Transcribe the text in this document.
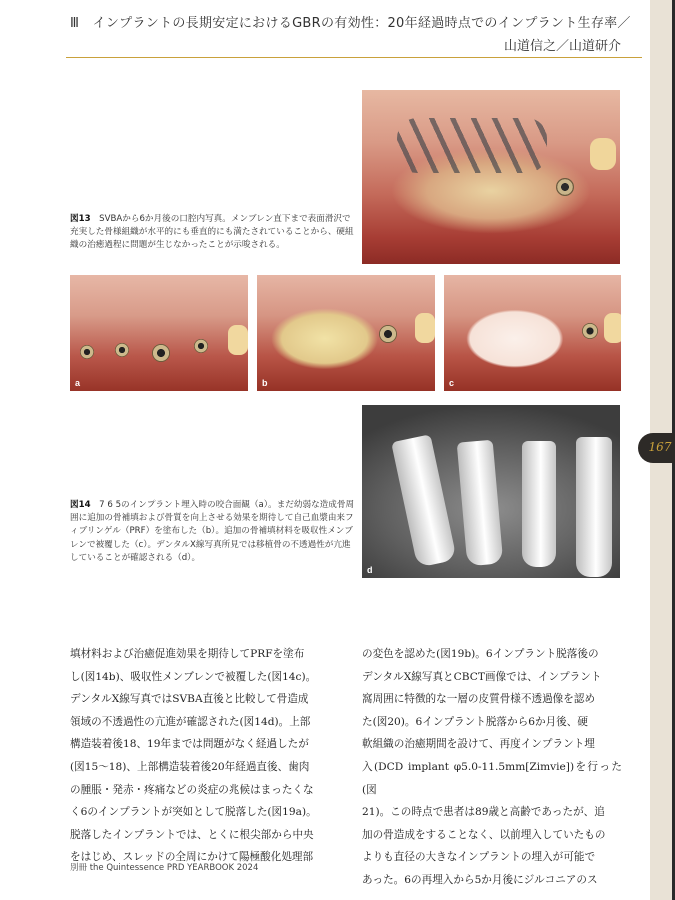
Ⅲ　インプラントの長期安定におけるGBRの有効性：20年経過時点でのインプラント生存率／
山道信之／山道研介
167
図13　 SVBAから6か月後の口腔内写真。メンブレン直下まで表面滑沢で充実した骨様組織が水平的にも垂直的にも満たされていることから、硬組織の治癒過程に問題が生じなかったことが示唆される。
a	b	c
d
図14　 7 6 5のインプラント埋入時の咬合面観（a）。まだ幼弱な造成骨周囲に追加の骨補填および骨質を向上させる効果を期待して自己血漿由来フィブリンゲル（PRF）を塗布した（b）。追加の骨補填材料を吸収性メンブレンで被覆した（c）。デンタルX線写真所見では移植骨の不透過性が亢進していることが確認される（d）。
填材料および治癒促進効果を期待してPRFを塗布
し(図14b)、吸収性メンブレンで被覆した(図14c)。
デンタルX線写真ではSVBA直後と比較して骨造成
領域の不透過性の亢進が確認された(図14d)。上部
構造装着後18、19年までは問題がなく経過したが
(図15〜18)、上部構造装着後20年経過直後、歯肉
の腫脹・発赤・疼痛などの炎症の兆候はまったくな
く6のインプラントが突如として脱落した(図19a)。
脱落したインプラントでは、とくに根尖部から中央
をはじめ、スレッドの全周にかけて陽極酸化処理部
の変色を認めた(図19b)。6インプラント脱落後の
デンタルX線写真とCBCT画像では、インプラント
窩周囲に特徴的な一層の皮質骨様不透過像を認め
た(図20)。6インプラント脱落から6か月後、硬
軟組織の治癒期間を設けて、再度インプラント埋
入(DCD implant φ5.0-11.5mm[Zimvie])を行った(図
21)。この時点で患者は89歳と高齢であったが、追
加の骨造成をすることなく、以前埋入していたもの
よりも直径の大きなインプラントの埋入が可能で
あった。6の再埋入から5か月後にジルコニアのス
別冊 the Quintessence PRD YEARBOOK 2024
